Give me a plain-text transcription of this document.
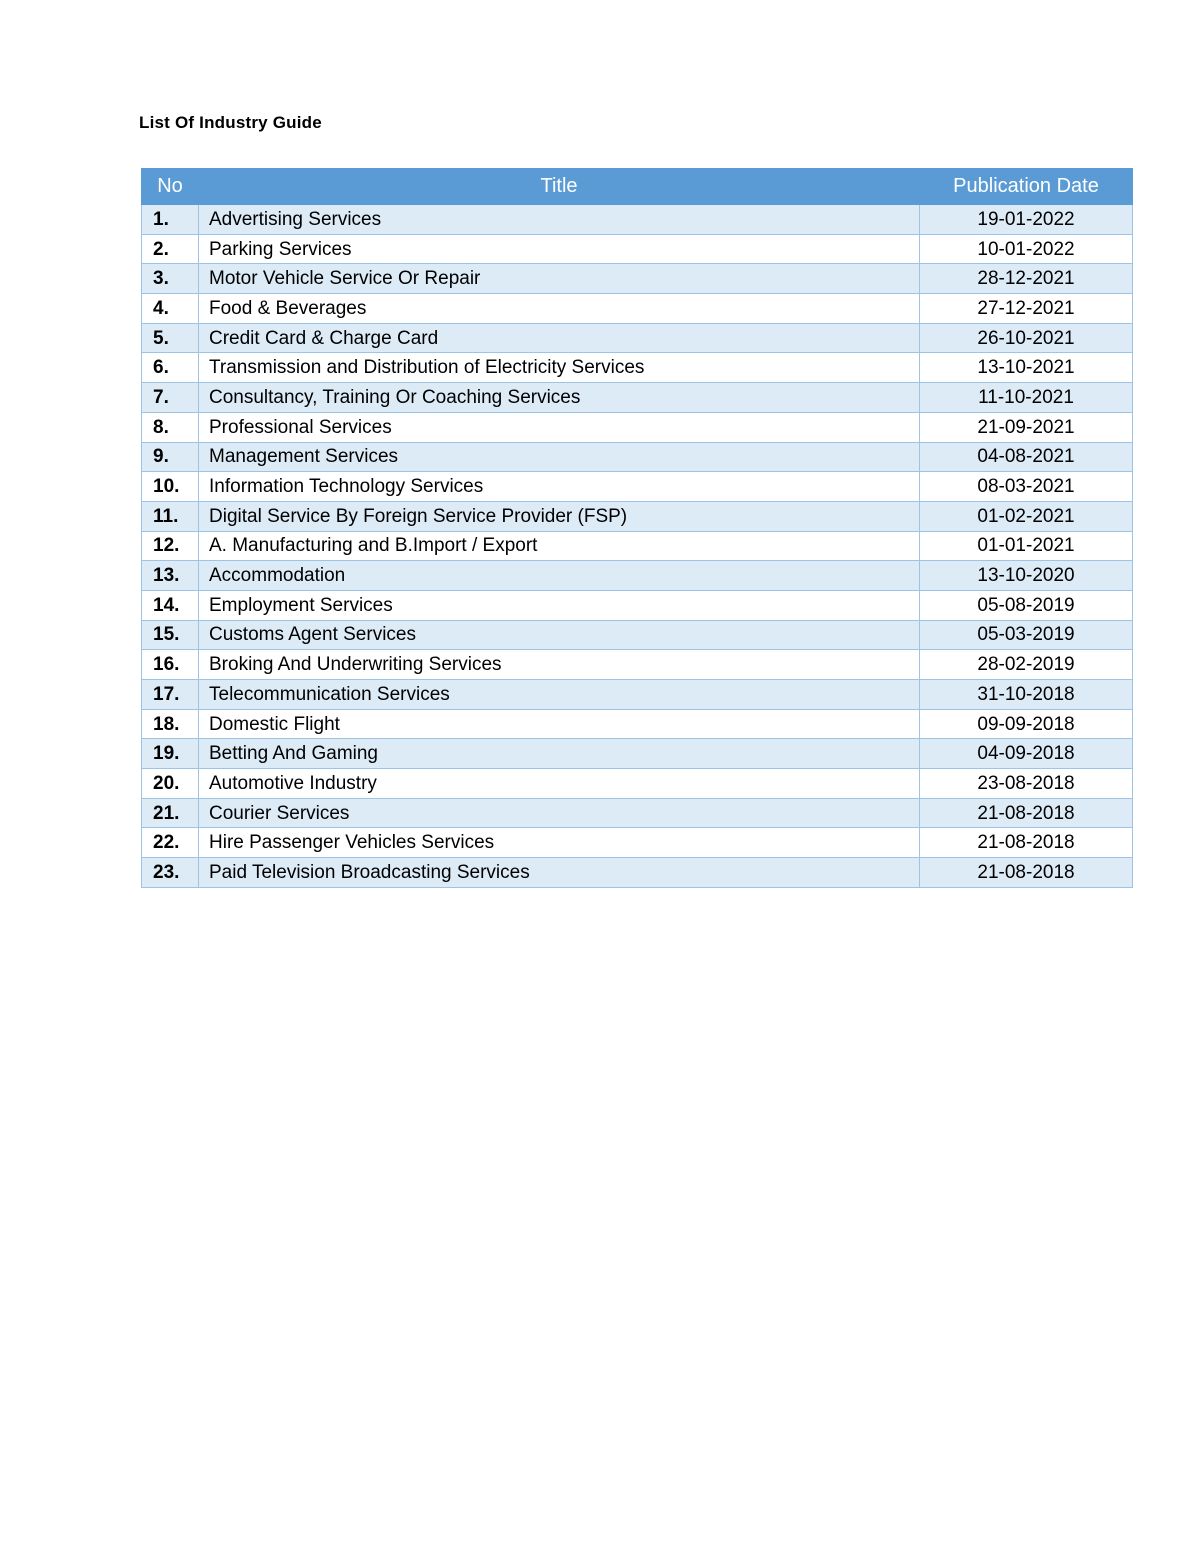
List Of Industry Guide
No	Title	Publication Date
1.	Advertising Services	19-01-2022
2.	Parking Services	10-01-2022
3.	Motor Vehicle Service Or Repair	28-12-2021
4.	Food & Beverages	27-12-2021
5.	Credit Card & Charge Card	26-10-2021
6.	Transmission and Distribution of Electricity Services	13-10-2021
7.	Consultancy, Training Or Coaching Services	11-10-2021
8.	Professional Services	21-09-2021
9.	Management Services	04-08-2021
10.	Information Technology Services	08-03-2021
11.	Digital Service By Foreign Service Provider (FSP)	01-02-2021
12.	A. Manufacturing and B.Import / Export	01-01-2021
13.	Accommodation	13-10-2020
14.	Employment Services	05-08-2019
15.	Customs Agent Services	05-03-2019
16.	Broking And Underwriting Services	28-02-2019
17.	Telecommunication Services	31-10-2018
18.	Domestic Flight	09-09-2018
19.	Betting And Gaming	04-09-2018
20.	Automotive Industry	23-08-2018
21.	Courier Services	21-08-2018
22.	Hire Passenger Vehicles Services	21-08-2018
23.	Paid Television Broadcasting Services	21-08-2018
